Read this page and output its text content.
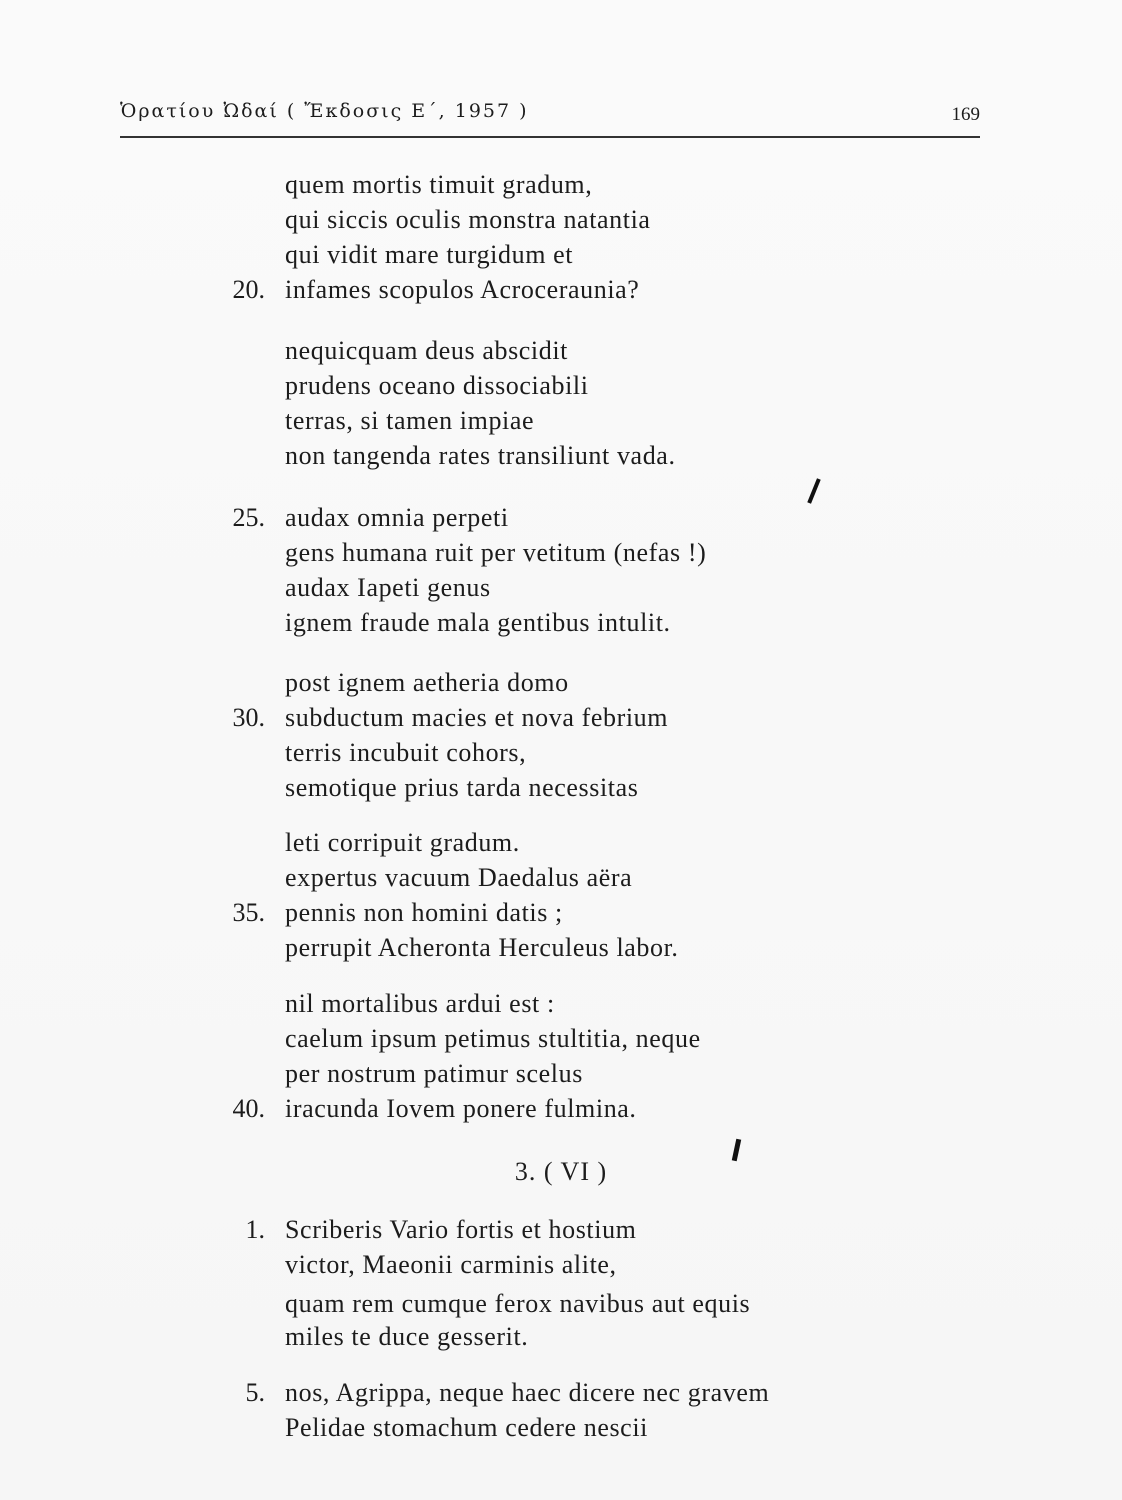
Ὁρατίου Ὠδαί ( Ἔκδοσις Ε΄, 1957 )	169
quem mortis timuit gradum,
qui siccis oculis monstra natantia
qui vidit mare turgidum et
20. infames scopulos Acroceraunia?
nequicquam deus abscidit
prudens oceano dissociabili
terras, si tamen impiae
non tangenda rates transiliunt vada.
25. audax omnia perpeti
gens humana ruit per vetitum (nefas !)
audax Iapeti genus
ignem fraude mala gentibus intulit.
post ignem aetheria domo
30. subductum macies et nova febrium
terris incubuit cohors,
semotique prius tarda necessitas
leti corripuit gradum.
expertus vacuum Daedalus aëra
35. pennis non homini datis ;
perrupit Acheronta Herculeus labor.
nil mortalibus ardui est :
caelum ipsum petimus stultitia, neque
per nostrum patimur scelus
40. iracunda Iovem ponere fulmina.
3. ( VI )
1. Scriberis Vario fortis et hostium
victor, Maeonii carminis alite,
quam rem cumque ferox navibus aut equis
miles te duce gesserit.
5. nos, Agrippa, neque haec dicere nec gravem
Pelidae stomachum cedere nescii
